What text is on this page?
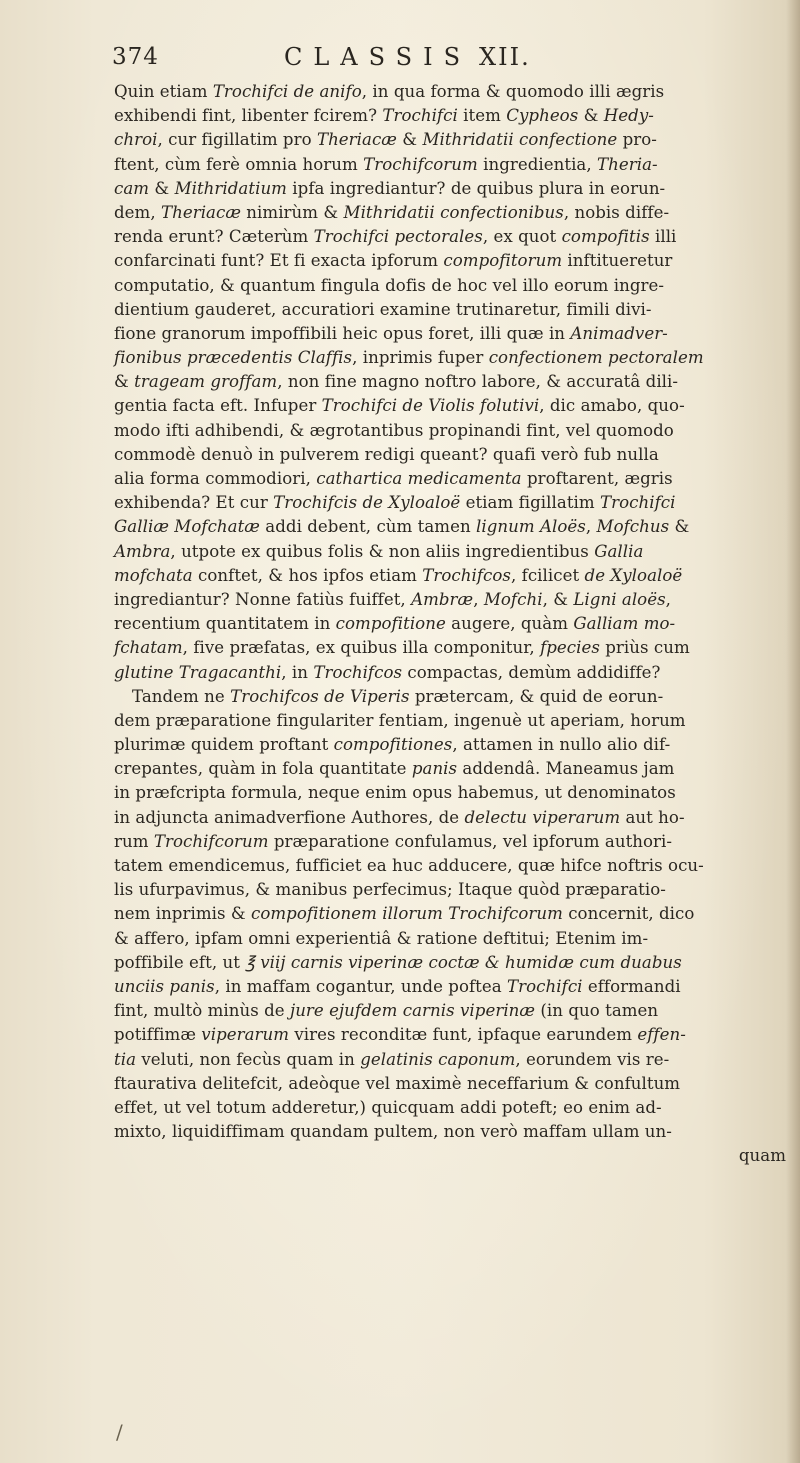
374	CLASSIS XII.
Quin etiam Trochifci de anifo, in qua forma & quomodo illi ægris
exhibendi fint, libenter fcirem? Trochifci item Cypheos & Hedy-
chroi, cur figillatim pro Theriacæ & Mithridatii confectione pro-
ftent, cùm ferè omnia horum Trochifcorum ingredientia, Theria-
cam & Mithridatium ipfa ingrediantur? de quibus plura in eorun-
dem, Theriacæ nimirùm & Mithridatii confectionibus, nobis diffe-
renda erunt? Cæterùm Trochifci pectorales, ex quot compofitis illi
confarcinati funt? Et fi exacta ipforum compofitorum inftitueretur
computatio, & quantum fingula dofis de hoc vel illo eorum ingre-
dientium gauderet, accuratiori examine trutinaretur, fimili divi-
fione granorum impoffibili heic opus foret, illi quæ in Animadver-
fionibus præcedentis Claffis, inprimis fuper confectionem pectoralem
& trageam groffam, non fine magno noftro labore, & accuratâ dili-
gentia facta eft. Infuper Trochifci de Violis folutivi, dic amabo, quo-
modo ifti adhibendi, & ægrotantibus propinandi fint, vel quomodo
commodè denuò in pulverem redigi queant? quafi verò fub nulla
alia forma commodiori, cathartica medicamenta proftarent, ægris
exhibenda? Et cur Trochifcis de Xyloaloë etiam figillatim Trochifci
Galliæ Mofchatæ addi debent, cùm tamen lignum Aloës, Mofchus &
Ambra, utpote ex quibus folis & non aliis ingredientibus Gallia
mofchata conftet, & hos ipfos etiam Trochifcos, fcilicet de Xyloaloë
ingrediantur? Nonne fatiùs fuiffet, Ambræ, Mofchi, & Ligni aloës,
recentium quantitatem in compofitione augere, quàm Galliam mo-
fchatam, five præfatas, ex quibus illa componitur, fpecies priùs cum
glutine Tragacanthi, in Trochifcos compactas, demùm addidiffe?
Tandem ne Trochifcos de Viperis prætercam, & quid de eorun-
dem præparatione fingulariter fentiam, ingenuè ut aperiam, horum
plurimæ quidem proftant compofitiones, attamen in nullo alio dif-
crepantes, quàm in fola quantitate panis addendâ. Maneamus jam
in præfcripta formula, neque enim opus habemus, ut denominatos
in adjuncta animadverfione Authores, de delectu viperarum aut ho-
rum Trochifcorum præparatione confulamus, vel ipforum authori-
tatem emendicemus, fufficiet ea huc adducere, quæ hifce noftris ocu-
lis ufurpavimus, & manibus perfecimus; Itaque quòd præparatio-
nem inprimis & compofitionem illorum Trochifcorum concernit, dico
& affero, ipfam omni experientiâ & ratione deftitui; Etenim im-
poffibile eft, ut ℥ viij carnis viperinæ coctæ & humidæ cum duabus
unciis panis, in maffam cogantur, unde poftea Trochifci efformandi
fint, multò minùs de jure ejufdem carnis viperinæ (in quo tamen
potiffimæ viperarum vires reconditæ funt, ipfaque earundem effen-
tia veluti, non fecùs quam in gelatinis caponum, eorundem vis re-
ftaurativa delitefcit, adeòque vel maximè neceffarium & confultum
effet, ut vel totum adderetur,) quicquam addi poteft; eo enim ad-
mixto, liquidiffimam quandam pultem, non verò maffam ullam un-
quam
/
